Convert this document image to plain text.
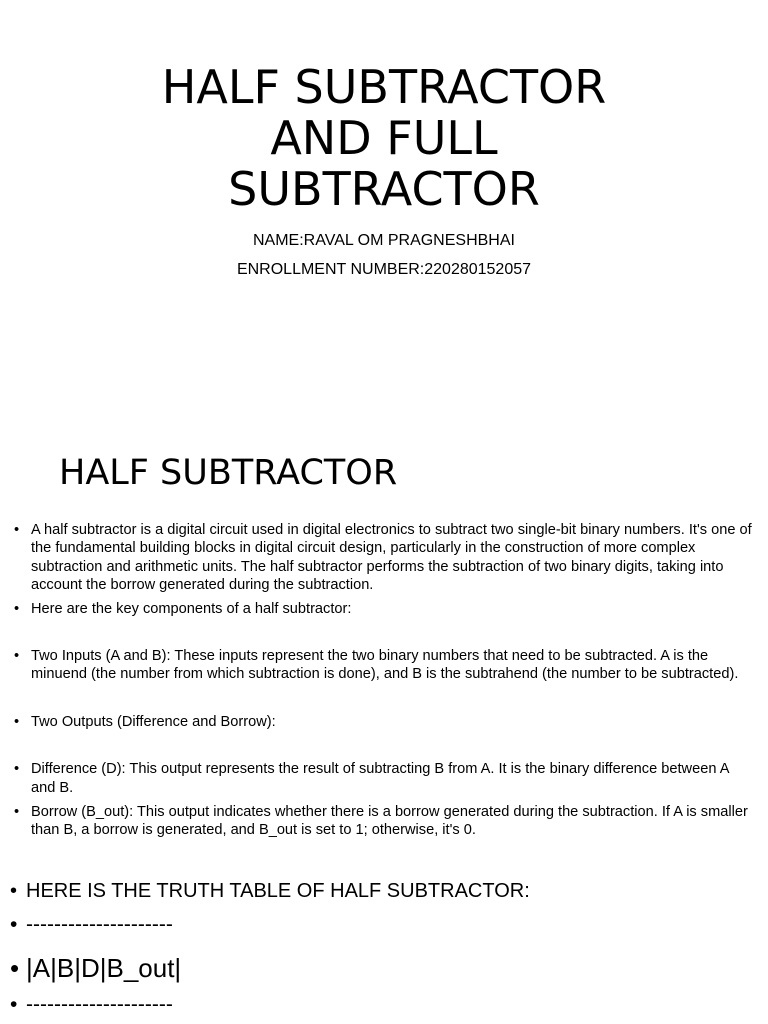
HALF SUBTRACTOR
AND FULL
SUBTRACTOR
NAME:RAVAL OM PRAGNESHBHAI
ENROLLMENT NUMBER:220280152057
HALF SUBTRACTOR
• A half subtractor is a digital circuit used in digital electronics to subtract two single-bit binary numbers. It's one of the fundamental building blocks in digital circuit design, particularly in the construction of more complex subtraction and arithmetic units. The half subtractor performs the subtraction of two binary digits, taking into account the borrow generated during the subtraction.
• Here are the key components of a half subtractor:
• Two Inputs (A and B): These inputs represent the two binary numbers that need to be subtracted. A is the minuend (the number from which subtraction is done), and B is the subtrahend (the number to be subtracted).
• Two Outputs (Difference and Borrow):
• Difference (D): This output represents the result of subtracting B from A. It is the binary difference between A and B.
• Borrow (B_out): This output indicates whether there is a borrow generated during the subtraction. If A is smaller than B, a borrow is generated, and B_out is set to 1; otherwise, it's 0.
• HERE IS THE TRUTH TABLE OF HALF SUBTRACTOR:
• ---------------------
• |A|B|D|B_out|
• ---------------------
